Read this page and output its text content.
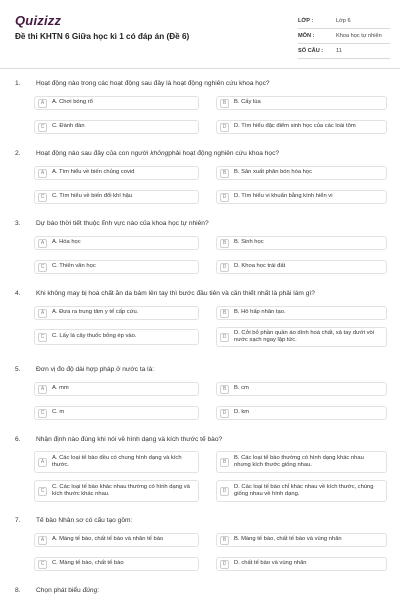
Quizizz
Đề thi KHTN 6 Giữa học kì 1 có đáp án (Đề 6)
LỚP :	Lớp 6
MÔN :	Khoa học tự nhiên
SỐ CÂU :	11
1. Hoạt động nào trong các hoạt động sau đây là hoạt động nghiên cứu khoa học?
A	A. Chơi bóng rổ	B	B. Cấy lúa
C	C. Đánh đàn	D	D. Tìm hiểu đặc điểm sinh học của các loài tôm
2. Hoạt động nào sau đây của con người khôngphải hoạt động nghiên cứu khoa học?
A	A. Tìm hiểu về biến chủng covid	B	B. Sản xuất phân bón hóa học
C	C. Tìm hiểu về biến đổi khí hậu	D	D. Tìm hiểu vi khuẩn bằng kính hiển vi
3. Dự báo thời tiết thuộc lĩnh vực nào của khoa học tự nhiên?
A	A. Hóa học	B	B. Sinh học
C	C. Thiên văn học	D	D. Khoa học trái đất
4. Khi không may bị hoá chất ăn da bám lên tay thì bước đầu tiên và cần thiết nhất là phải làm gì?
A	A. Đưa ra trung tâm y tế cấp cứu.	B	B. Hô hấp nhân tạo.
C	C. Lấy lá cây thuốc bỏng ép vào.	D
D. Cởi bỏ phần quần áo dính hoá chất, xả tay dưới vòi nước sạch ngay lập tức.
5. Đơn vị đo độ dài hợp pháp ở nước ta là:
A	A. mm	B	B. cm
C	C. m	D	D. km
6. Nhận định nào đúng khi nói về hình dạng và kích thước tế bào?
A
A. Các loại tế bào đều có chung hình dạng và kích thước.	B
B. Các loại tế bào thường có hình dạng khác nhau nhưng kích thước giống nhau.
C
C. Các loại tế bào khác nhau thường có hình dạng và kích thước khác nhau.	D
D. Các loại tế bào chỉ khác nhau về kích thước, chúng giống nhau về hình dạng.
7. Tế bào Nhân sơ có cấu tạo gồm:
A	A. Màng tế bào, chất tế bào và nhân tế bào	B	B. Màng tế bào, chất tế bào và vùng nhân
C	C. Màng tế bào, chất tế bào	D	D. chất tế bào và vùng nhân
8. Chọn phát biểu đúng:
